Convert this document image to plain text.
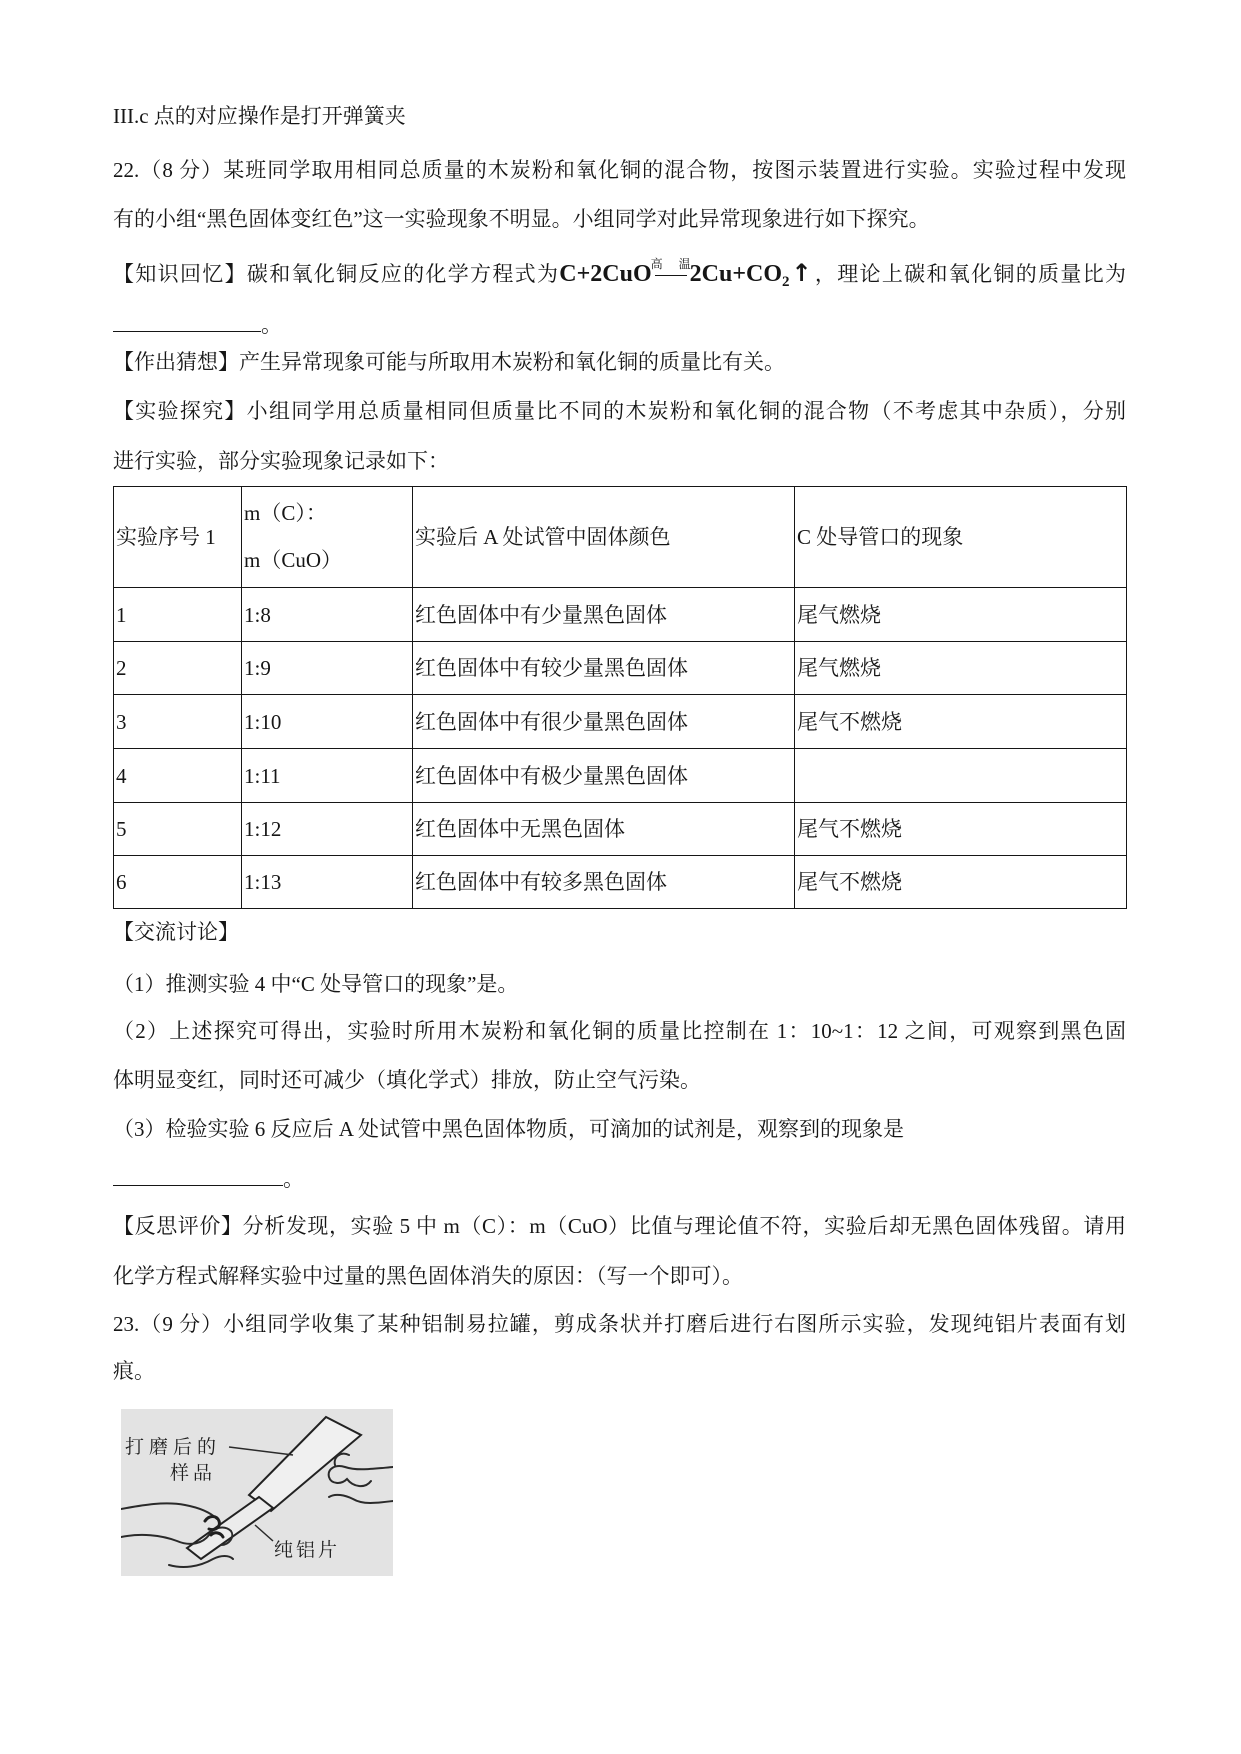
III.c 点的对应操作是打开弹簧夹
22.（8 分）某班同学取用相同总质量的木炭粉和氧化铜的混合物，按图示装置进行实验。实验过程中发现
有的小组“黑色固体变红色”这一实验现象不明显。小组同学对此异常现象进行如下探究。
【知识回忆】碳和氧化铜反应的化学方程式为C+2CuO 高温 $2Cu+CO_2↑$，理论上碳和氧化铜的质量比为
。
【作出猜想】产生异常现象可能与所取用木炭粉和氧化铜的质量比有关。
【实验探究】小组同学用总质量相同但质量比不同的木炭粉和氧化铜的混合物（不考虑其中杂质），分别
进行实验，部分实验现象记录如下：
实验序号 1	m（C）：
m（CuO）	实验后 A 处试管中固体颜色	C 处导管口的现象
1	1:8	红色固体中有少量黑色固体	尾气燃烧
2	1:9	红色固体中有较少量黑色固体	尾气燃烧
3	1:10	红色固体中有很少量黑色固体	尾气不燃烧
4	1:11	红色固体中有极少量黑色固体	
5	1:12	红色固体中无黑色固体	尾气不燃烧
6	1:13	红色固体中有较多黑色固体	尾气不燃烧
【交流讨论】
（1）推测实验 4 中“C 处导管口的现象”是。
（2）上述探究可得出，实验时所用木炭粉和氧化铜的质量比控制在 1：10~1：12 之间，可观察到黑色固
体明显变红，同时还可减少（填化学式）排放，防止空气污染。
（3）检验实验 6 反应后 A 处试管中黑色固体物质，可滴加的试剂是，观察到的现象是
。
【反思评价】分析发现，实验 5 中 m（C）：m（CuO）比值与理论值不符，实验后却无黑色固体残留。请用
化学方程式解释实验中过量的黑色固体消失的原因：（写一个即可）。
23.（9 分）小组同学收集了某种铝制易拉罐，剪成条状并打磨后进行右图所示实验，发现纯铝片表面有划
痕。
打磨后的
样品
纯铝片
